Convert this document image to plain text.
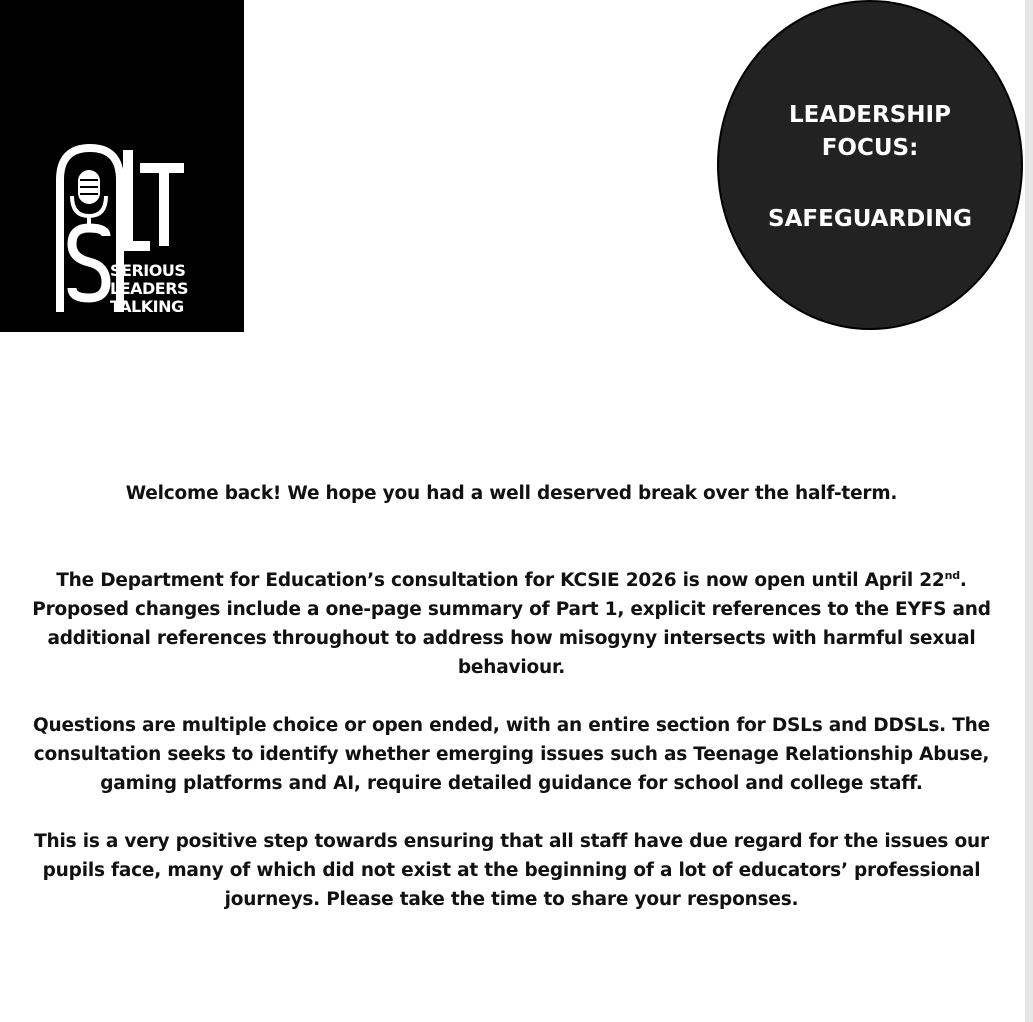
SERIOUS
LEADERS
TALKING
LEADERSHIP
FOCUS:
SAFEGUARDING

Welcome back! We hope you had a well deserved break over the half-term.

The Department for Education’s consultation for KCSIE 2026 is now open until April 22nd. Proposed changes include a one-page summary of Part 1, explicit references to the EYFS and additional references throughout to address how misogyny intersects with harmful sexual behaviour.

Questions are multiple choice or open ended, with an entire section for DSLs and DDSLs. The consultation seeks to identify whether emerging issues such as Teenage Relationship Abuse, gaming platforms and AI, require detailed guidance for school and college staff.

This is a very positive step towards ensuring that all staff have due regard for the issues our pupils face, many of which did not exist at the beginning of a lot of educators’ professional journeys. Please take the time to share your responses.
